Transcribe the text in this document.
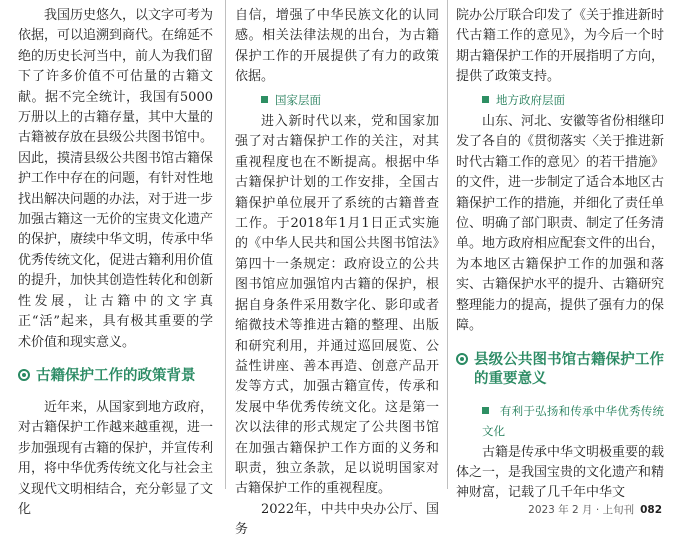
我国历史悠久，以文字可考为依据，可以追溯到商代。在绵延不绝的历史长河当中，前人为我们留下了许多价值不可估量的古籍文献。据不完全统计，我国有5000万册以上的古籍存量，其中大量的古籍被存放在县级公共图书馆中。因此，摸清县级公共图书馆古籍保护工作中存在的问题，有针对性地找出解决问题的办法，对于进一步加强古籍这一无价的宝贵文化遗产的保护，赓续中华文明，传承中华优秀传统文化，促进古籍利用价值的提升，加快其创造性转化和创新性发展，让古籍中的文字真正“活”起来，具有极其重要的学术价值和现实意义。

古籍保护工作的政策背景

近年来，从国家到地方政府，对古籍保护工作越来越重视，进一步加强现有古籍的保护，并宣传利用，将中华优秀传统文化与社会主义现代文明相结合，充分彰显了文化

自信，增强了中华民族文化的认同感。相关法律法规的出台，为古籍保护工作的开展提供了有力的政策依据。

国家层面

进入新时代以来，党和国家加强了对古籍保护工作的关注，对其重视程度也在不断提高。根据中华古籍保护计划的工作安排，全国古籍保护单位展开了系统的古籍普查工作。于2018年1月1日正式实施的《中华人民共和国公共图书馆法》第四十一条规定：政府设立的公共图书馆应加强馆内古籍的保护，根据自身条件采用数字化、影印或者缩微技术等推进古籍的整理、出版和研究利用，并通过巡回展览、公益性讲座、善本再造、创意产品开发等方式，加强古籍宣传，传承和发展中华优秀传统文化。这是第一次以法律的形式规定了公共图书馆在加强古籍保护工作方面的义务和职责，独立条款，足以说明国家对古籍保护工作的重视程度。

2022年，中共中央办公厅、国务

院办公厅联合印发了《关于推进新时代古籍工作的意见》，为今后一个时期古籍保护工作的开展指明了方向，提供了政策支持。

地方政府层面

山东、河北、安徽等省份相继印发了各自的《贯彻落实〈关于推进新时代古籍工作的意见〉的若干措施》的文件，进一步制定了适合本地区古籍保护工作的措施，并细化了责任单位、明确了部门职责、制定了任务清单。地方政府相应配套文件的出台，为本地区古籍保护工作的加强和落实、古籍保护水平的提升、古籍研究整理能力的提高，提供了强有力的保障。

县级公共图书馆古籍保护工作的重要意义
有利于弘扬和传承中华优秀传统文化

古籍是传承中华文明极重要的载体之一，是我国宝贵的文化遗产和精神财富，记载了几千年中华文

2023 年 2 月 · 上旬刊 082
